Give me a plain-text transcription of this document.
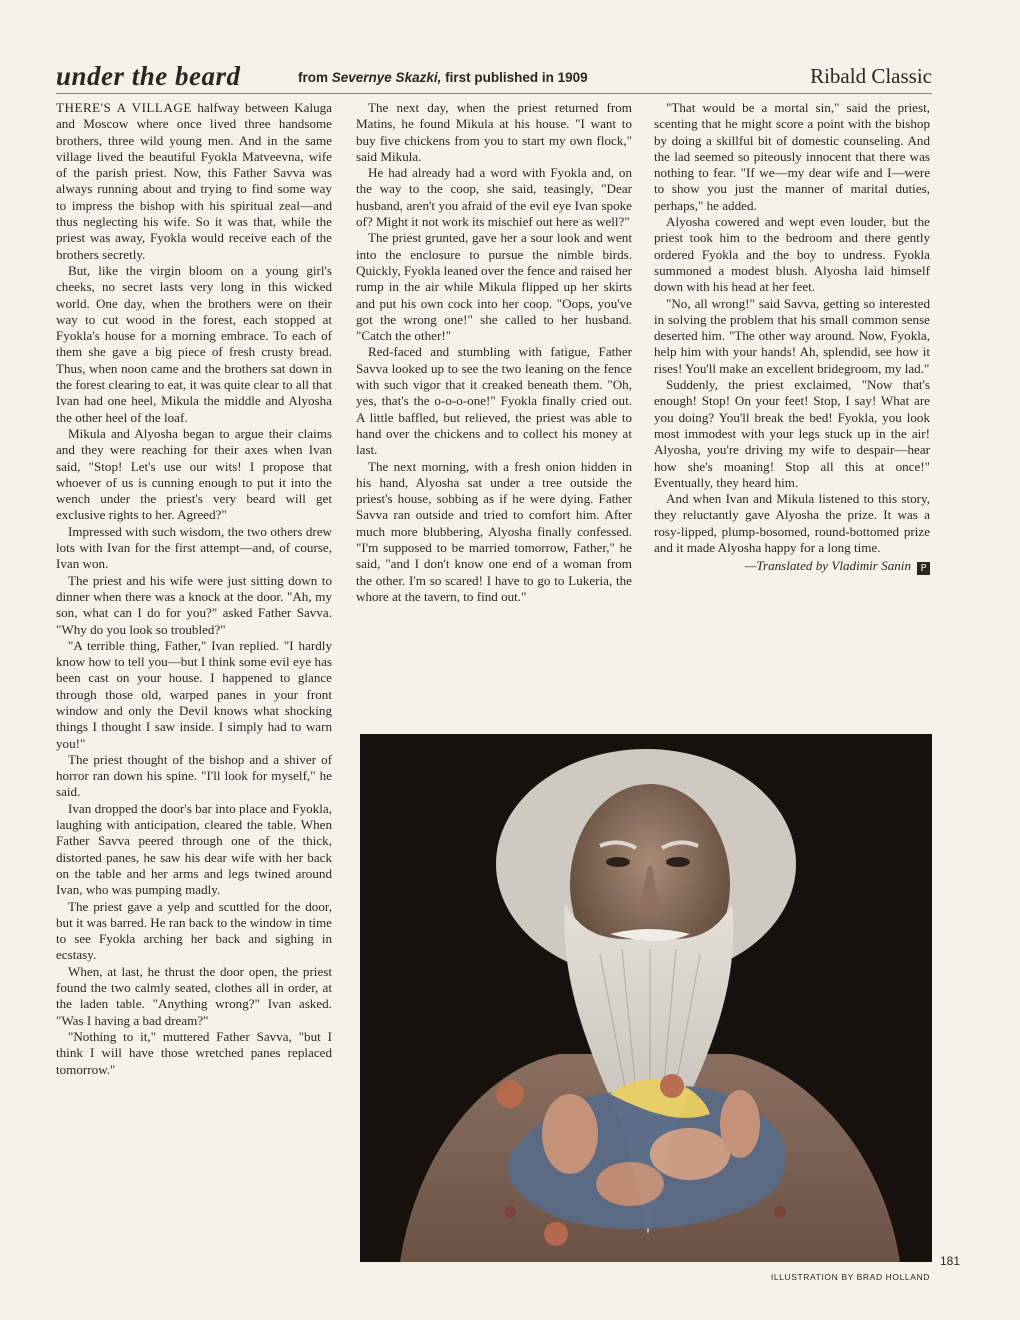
under the beard	from Severnye Skazki, first published in 1909	Ribald Classic

THERE'S A VILLAGE halfway between Kaluga and Moscow where once lived three handsome brothers, three wild young men. And in the same village lived the beautiful Fyokla Matveevna, wife of the parish priest. Now, this Father Savva was always running about and trying to find some way to impress the bishop with his spiritual zeal—and thus neglecting his wife. So it was that, while the priest was away, Fyokla would receive each of the brothers secretly.

But, like the virgin bloom on a young girl's cheeks, no secret lasts very long in this wicked world. One day, when the brothers were on their way to cut wood in the forest, each stopped at Fyokla's house for a morning embrace. To each of them she gave a big piece of fresh crusty bread. Thus, when noon came and the brothers sat down in the forest clearing to eat, it was quite clear to all that Ivan had one heel, Mikula the middle and Alyosha the other heel of the loaf.

Mikula and Alyosha began to argue their claims and they were reaching for their axes when Ivan said, "Stop! Let's use our wits! I propose that whoever of us is cunning enough to put it into the wench under the priest's very beard will get exclusive rights to her. Agreed?"

Impressed with such wisdom, the two others drew lots with Ivan for the first attempt—and, of course, Ivan won.

The priest and his wife were just sitting down to dinner when there was a knock at the door. "Ah, my son, what can I do for you?" asked Father Savva. "Why do you look so troubled?"

"A terrible thing, Father," Ivan replied. "I hardly know how to tell you—but I think some evil eye has been cast on your house. I happened to glance through those old, warped panes in your front window and only the Devil knows what shocking things I thought I saw inside. I simply had to warn you!"

The priest thought of the bishop and a shiver of horror ran down his spine. "I'll look for myself," he said.

Ivan dropped the door's bar into place and Fyokla, laughing with anticipation, cleared the table. When Father Savva peered through one of the thick, distorted panes, he saw his dear wife with her back on the table and her arms and legs twined around Ivan, who was pumping madly.

The priest gave a yelp and scuttled for the door, but it was barred. He ran back to the window in time to see Fyokla arching her back and sighing in ecstasy.

When, at last, he thrust the door open, the priest found the two calmly seated, clothes all in order, at the laden table. "Anything wrong?" Ivan asked. "Was I having a bad dream?"

"Nothing to it," muttered Father Savva, "but I think I will have those wretched panes replaced tomorrow."

The next day, when the priest returned from Matins, he found Mikula at his house. "I want to buy five chickens from you to start my own flock," said Mikula.

He had already had a word with Fyokla and, on the way to the coop, she said, teasingly, "Dear husband, aren't you afraid of the evil eye Ivan spoke of? Might it not work its mischief out here as well?"

The priest grunted, gave her a sour look and went into the enclosure to pursue the nimble birds. Quickly, Fyokla leaned over the fence and raised her rump in the air while Mikula flipped up her skirts and put his own cock into her coop. "Oops, you've got the wrong one!" she called to her husband. "Catch the other!"

Red-faced and stumbling with fatigue, Father Savva looked up to see the two leaning on the fence with such vigor that it creaked beneath them. "Oh, yes, that's the o-o-o-one!" Fyokla finally cried out. A little baffled, but relieved, the priest was able to hand over the chickens and to collect his money at last.

The next morning, with a fresh onion hidden in his hand, Alyosha sat under a tree outside the priest's house, sobbing as if he were dying. Father Savva ran outside and tried to comfort him. After much more blubbering, Alyosha finally confessed. "I'm supposed to be married tomorrow, Father," he said, "and I don't know one end of a woman from the other. I'm so scared! I have to go to Lukeria, the whore at the tavern, to find out."

"That would be a mortal sin," said the priest, scenting that he might score a point with the bishop by doing a skillful bit of domestic counseling. And the lad seemed so piteously innocent that there was nothing to fear. "If we—my dear wife and I—were to show you just the manner of marital duties, perhaps," he added.

Alyosha cowered and wept even louder, but the priest took him to the bedroom and there gently ordered Fyokla and the boy to undress. Fyokla summoned a modest blush. Alyosha laid himself down with his head at her feet.

"No, all wrong!" said Savva, getting so interested in solving the problem that his small common sense deserted him. "The other way around. Now, Fyokla, help him with your hands! Ah, splendid, see how it rises! You'll make an excellent bridegroom, my lad."

Suddenly, the priest exclaimed, "Now that's enough! Stop! On your feet! Stop, I say! What are you doing? You'll break the bed! Fyokla, you look most immodest with your legs stuck up in the air! Alyosha, you're driving my wife to despair—hear how she's moaning! Stop all this at once!" Eventually, they heard him.

And when Ivan and Mikula listened to this story, they reluctantly gave Alyosha the prize. It was a rosy-lipped, plump-bosomed, round-bottomed prize and it made Alyosha happy for a long time.

—Translated by Vladimir Sanin P

181
ILLUSTRATION BY BRAD HOLLAND
